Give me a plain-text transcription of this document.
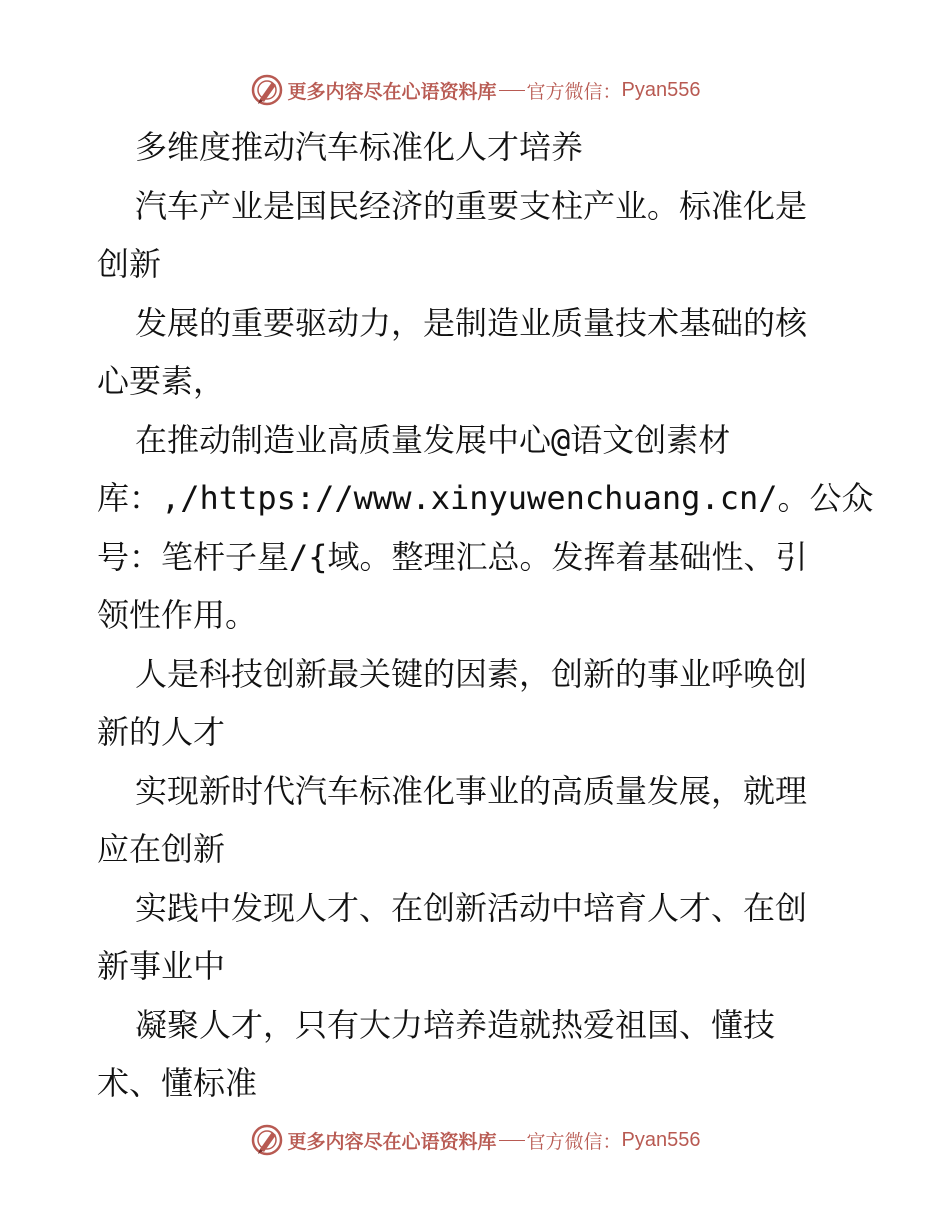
更多内容尽在心语资料库 官方微信： Pyan556
多维度推动汽车标准化人才培养
汽车产业是国民经济的重要支柱产业。标准化是
创新
发展的重要驱动力，是制造业质量技术基础的核
心要素，
在推动制造业高质量发展中心@语文创素材
库：,/https://www.xinyuwenchuang.cn/。公众
号：笔杆子星/{域。整理汇总。发挥着基础性、引
领性作用。
人是科技创新最关键的因素，创新的事业呼唤创
新的人才
实现新时代汽车标准化事业的高质量发展，就理
应在创新
实践中发现人才、在创新活动中培育人才、在创
新事业中
凝聚人才，只有大力培养造就热爱祖国、懂技
术、懂标准
更多内容尽在心语资料库 官方微信： Pyan556
